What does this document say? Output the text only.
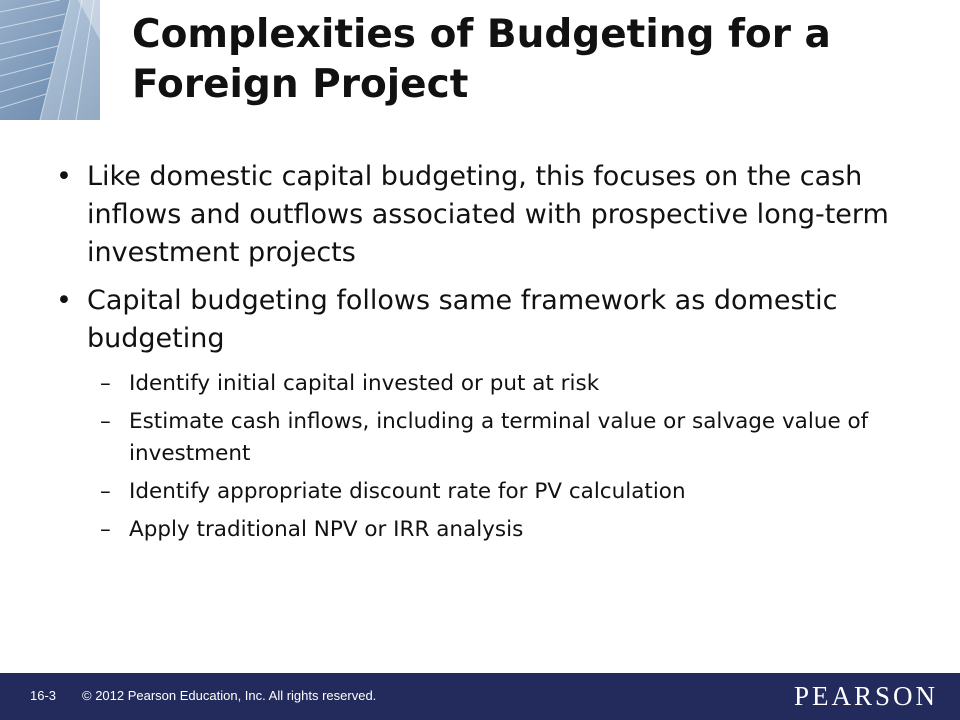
Complexities of Budgeting for a Foreign Project
• Like domestic capital budgeting, this focuses on the cash inflows and outflows associated with prospective long-term investment projects
• Capital budgeting follows same framework as domestic budgeting
– Identify initial capital invested or put at risk
– Estimate cash inflows, including a terminal value or salvage value of investment
– Identify appropriate discount rate for PV calculation
– Apply traditional NPV or IRR analysis
16-3 © 2012 Pearson Education, Inc. All rights reserved.	PEARSON
